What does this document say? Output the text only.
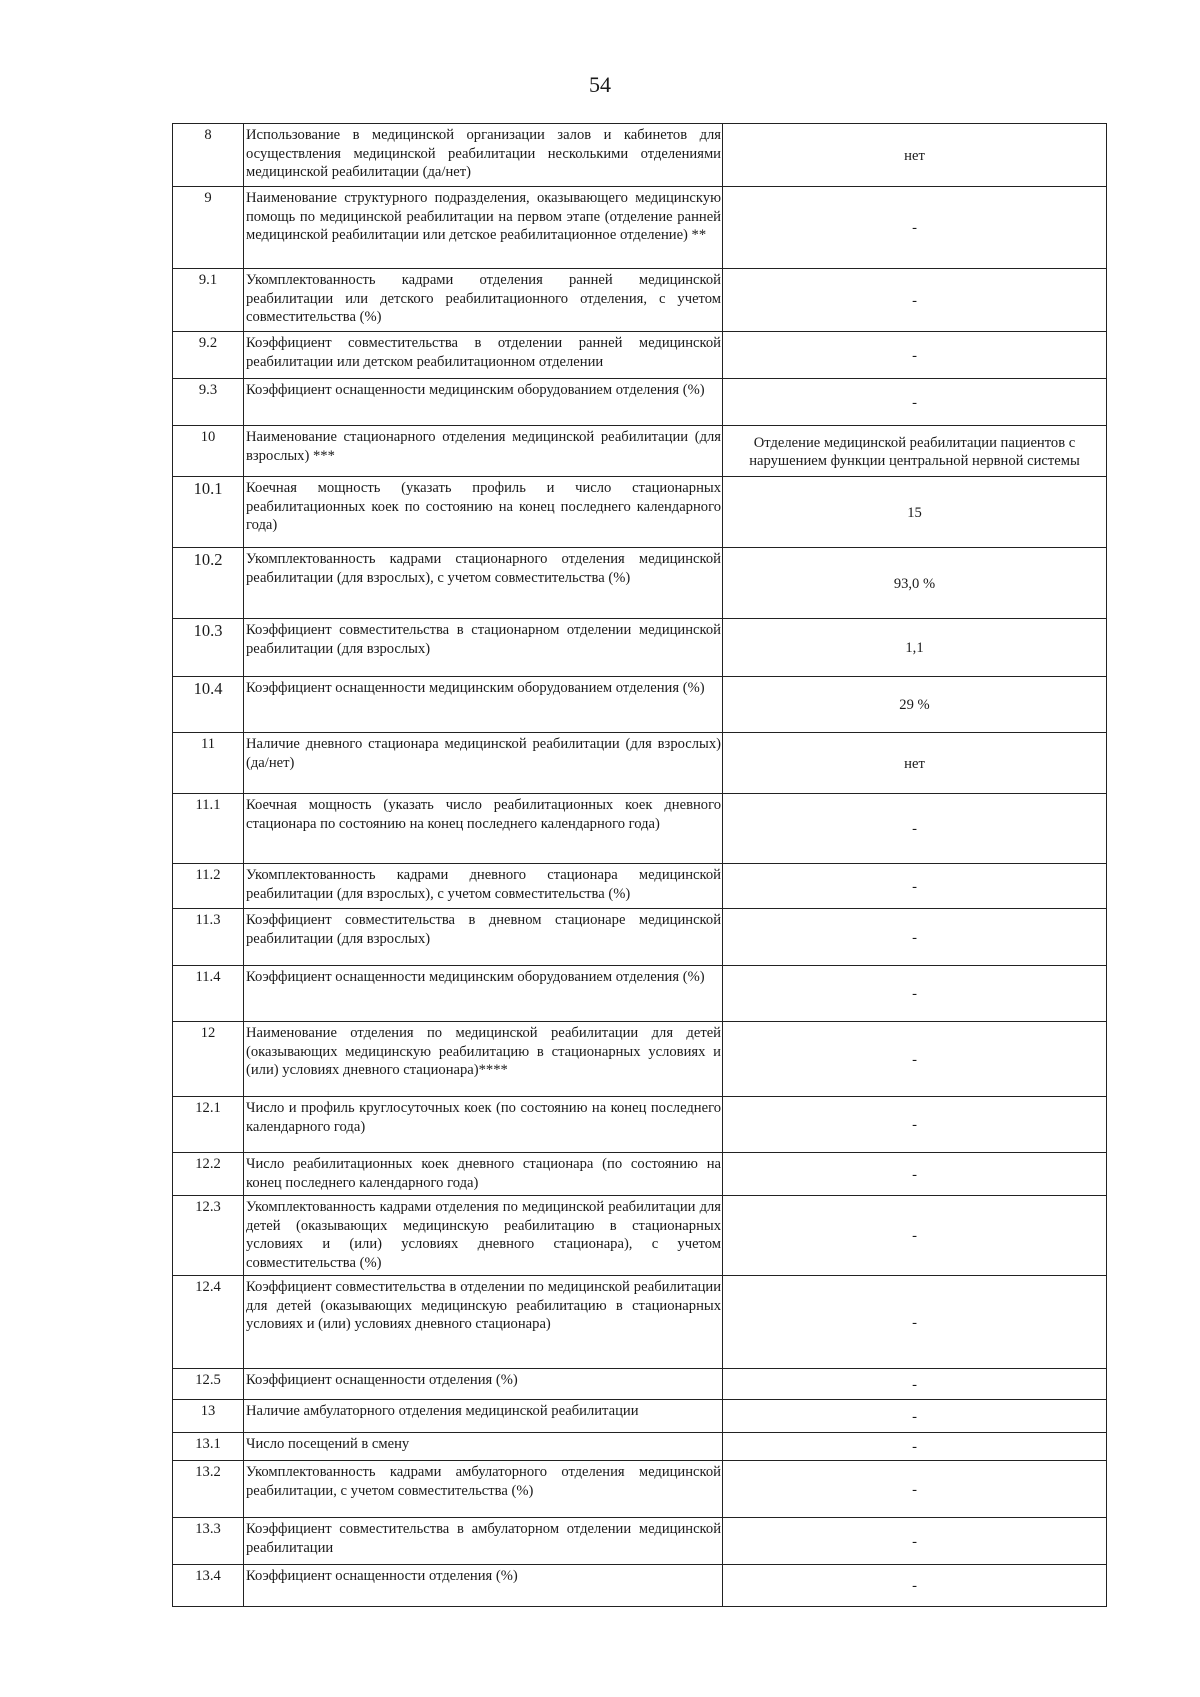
54
8	Использование в медицинской организации залов и кабинетов для осуществления медицинской реабилитации несколькими отделениями медицинской реабилитации (да/нет)	нет
9	Наименование структурного подразделения, оказывающего медицинскую помощь по медицинской реабилитации на первом этапе (отделение ранней медицинской реабилитации или детское реабилитационное отделение) **	-
9.1	Укомплектованность кадрами отделения ранней медицинской реабилитации или детского реабилитационного отделения, с учетом совместительства (%)	-
9.2	Коэффициент совместительства в отделении ранней медицинской реабилитации или детском реабилитационном отделении	-
9.3	Коэффициент оснащенности медицинским оборудованием отделения (%)	-
10	Наименование стационарного отделения медицинской реабилитации (для взрослых) ***	Отделение медицинской реабилитации пациентов с нарушением функции центральной нервной системы
10.1	Коечная мощность (указать профиль и число стационарных реабилитационных коек по состоянию на конец последнего календарного года)	15
10.2	Укомплектованность кадрами стационарного отделения медицинской реабилитации (для взрослых), с учетом совместительства (%)	93,0 %
10.3	Коэффициент совместительства в стационарном отделении медицинской реабилитации (для взрослых)	1,1
10.4	Коэффициент оснащенности медицинским оборудованием отделения (%)	29 %
11	Наличие дневного стационара медицинской реабилитации (для взрослых) (да/нет)	нет
11.1	Коечная мощность (указать число реабилитационных коек дневного стационара по состоянию на конец последнего календарного года)	-
11.2	Укомплектованность кадрами дневного стационара медицинской реабилитации (для взрослых), с учетом совместительства (%)	-
11.3	Коэффициент совместительства в дневном стационаре медицинской реабилитации (для взрослых)	-
11.4	Коэффициент оснащенности медицинским оборудованием отделения (%)	-
12	Наименование отделения по медицинской реабилитации для детей (оказывающих медицинскую реабилитацию в стационарных условиях и (или) условиях дневного стационара)****	-
12.1	Число и профиль круглосуточных коек (по состоянию на конец последнего календарного года)	-
12.2	Число реабилитационных коек дневного стационара (по состоянию на конец последнего календарного года)	-
12.3	Укомплектованность кадрами отделения по медицинской реабилитации для детей (оказывающих медицинскую реабилитацию в стационарных условиях и (или) условиях дневного стационара), с учетом совместительства (%)	-
12.4	Коэффициент совместительства в отделении по медицинской реабилитации для детей (оказывающих медицинскую реабилитацию в стационарных условиях и (или) условиях дневного стационара)	-
12.5	Коэффициент оснащенности отделения (%)	-
13	Наличие амбулаторного отделения медицинской реабилитации	-
13.1	Число посещений в смену	-
13.2	Укомплектованность кадрами амбулаторного отделения медицинской реабилитации, с учетом совместительства (%)	-
13.3	Коэффициент совместительства в амбулаторном отделении медицинской реабилитации	-
13.4	Коэффициент оснащенности отделения (%)	-
